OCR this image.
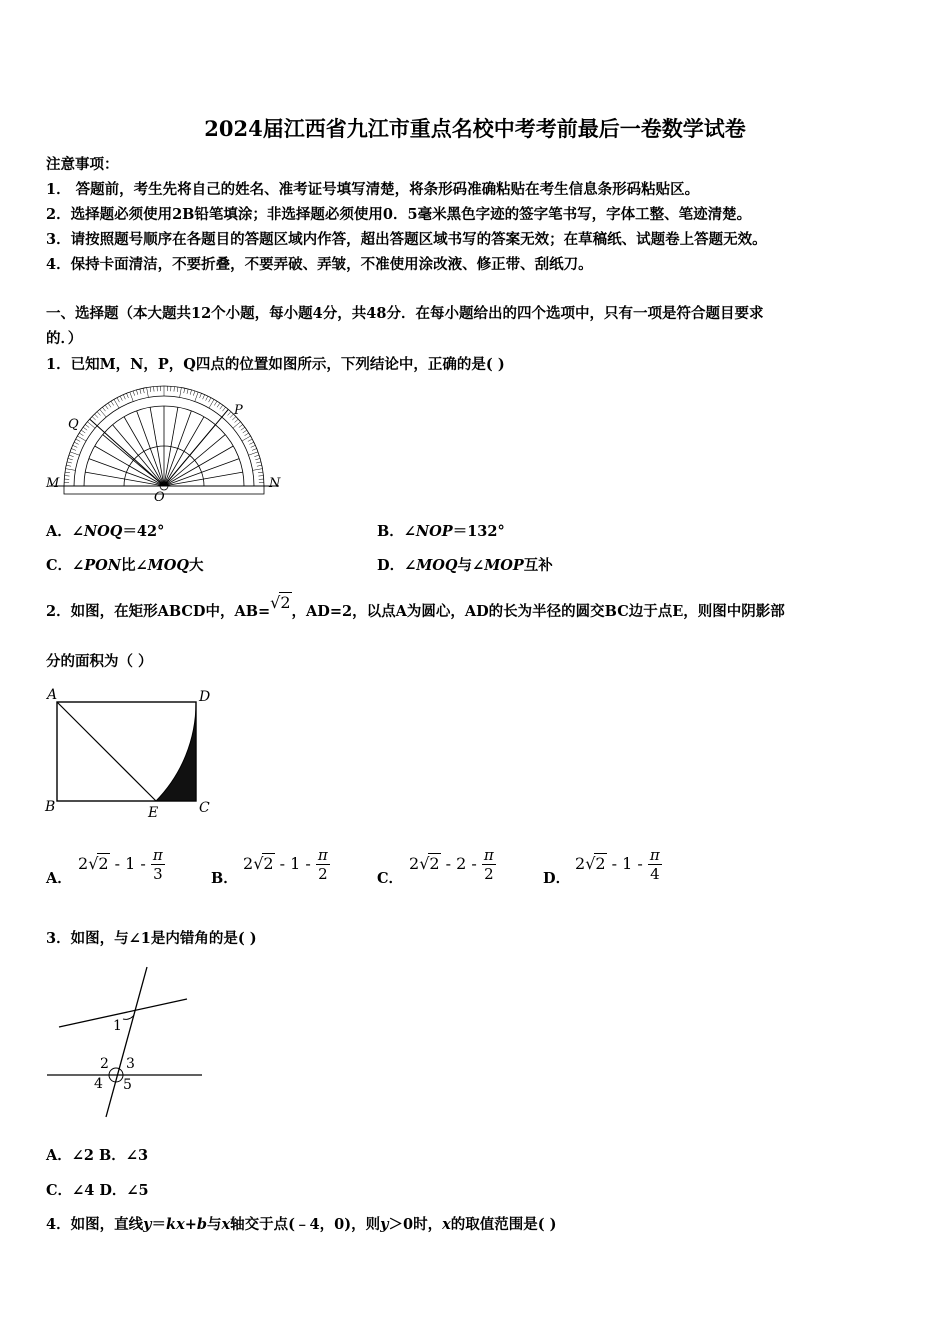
2024届江西省九江市重点名校中考考前最后一卷数学试卷
注意事项：
1． 答题前，考生先将自己的姓名、准考证号填写清楚，将条形码准确粘贴在考生信息条形码粘贴区。
2．选择题必须使用2B铅笔填涂；非选择题必须使用0．5毫米黑色字迹的签字笔书写，字体工整、笔迹清楚。
3．请按照题号顺序在各题目的答题区域内作答，超出答题区域书写的答案无效；在草稿纸、试题卷上答题无效。
4．保持卡面清洁，不要折叠，不要弄破、弄皱，不准使用涂改液、修正带、刮纸刀。
一、选择题（本大题共12个小题，每小题4分，共48分．在每小题给出的四个选项中，只有一项是符合题目要求
的．）
1．已知M，N，P，Q四点的位置如图所示，下列结论中，正确的是( )
M	N
P
Q
O
A．∠NOQ＝42°	B．∠NOP＝132°
C．∠PON比∠MOQ大	D．∠MOQ与∠MOP互补
2．如图，在矩形ABCD中，AB=√2，AD=2，以点A为圆心，AD的长为半径的圆交BC边于点E，则图中阴影部
分的面积为（ ）
A	D
B	C
E
A．
$2√2 - 1 - \frac{\pi}{3}$	B．
$2√2 - 1 - \frac{\pi}{2}$	C．
$2√2 - 2 - \frac{\pi}{2}$	D．
$2√2 - 1 - \frac{\pi}{4}$
3．如图，与∠1是内错角的是( )
1
2 3
4 5
A．∠2 B．∠3
C．∠4 D．∠5
4．如图，直线y＝kx+b与x轴交于点(﹣4，0)，则y＞0时，x的取值范围是( )
